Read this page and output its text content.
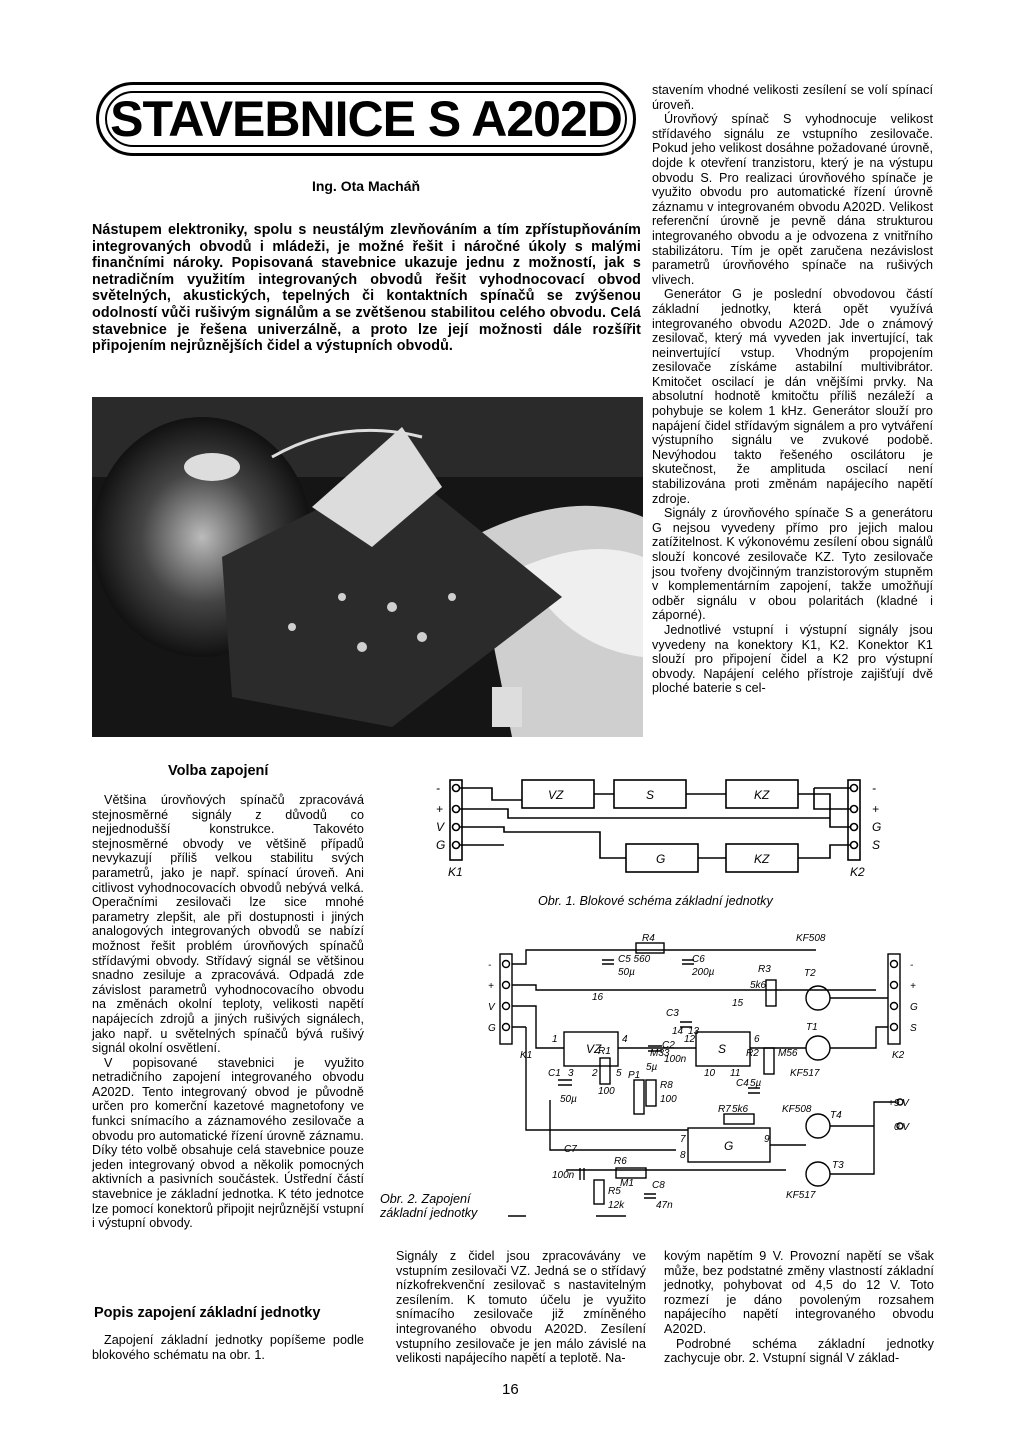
STAVEBNICE S A202D
Ing. Ota Macháň
Nástupem elektroniky, spolu s neustálým zlevňováním a tím zpřístupňováním integrovaných obvodů i mládeži, je možné řešit i náročné úkoly s malými finančními nároky. Popisovaná stavebnice ukazuje jednu z možností, jak s netradičním využitím integrovaných obvodů řešit vyhodnocovací obvod světelných, akustických, tepelných či kontaktních spínačů se zvýšenou odolností vůči rušivým signálům a se zvětšenou stabilitou celého obvodu. Celá stavebnice je řešena univerzálně, a proto lze její možnosti dále rozšířit připojením nejrůznějších čidel a výstupních obvodů.
Volba zapojení

Většina úrovňových spínačů zpracovává stejnosměrné signály z důvodů co nejjednodušší konstrukce. Takovéto stejnosměrné obvody ve většině případů nevykazují příliš velkou stabilitu svých parametrů, jako je např. spínací úroveň. Ani citlivost vyhodnocovacích obvodů nebývá velká. Operačními zesilovači lze sice mnohé parametry zlepšit, ale při dostupnosti i jiných analogových integrovaných obvodů se nabízí možnost řešit problém úrovňových spínačů střídavými obvody. Střídavý signál se většinou snadno zesiluje a zpracovává. Odpadá zde závislost parametrů vyhodnocovacího obvodu na změnách okolní teploty, velikosti napětí napájecích zdrojů a jiných rušivých signálech, jako např. u světelných spínačů bývá rušivý signál okolní osvětlení.

V popisované stavebnici je využito netradičního zapojení integrovaného obvodu A202D. Tento integrovaný obvod je původně určen pro komerční kazetové magnetofony ve funkci snímacího a záznamového zesilovače a obvodu pro automatické řízení úrovně záznamu. Díky této volbě obsahuje celá stavebnice pouze jeden integrovaný obvod a několik pomocných aktivních a pasivních součástek. Ústřední částí stavebnice je základní jednotka. K této jednotce lze pomocí konektorů připojit nejrůznější vstupní i výstupní obvody.

Popis zapojení základní jednotky

Zapojení základní jednotky popíšeme podle blokového schématu na obr. 1.

stavením vhodné velikosti zesílení se volí spínací úroveň.

Úrovňový spínač S vyhodnocuje velikost střídavého signálu ze vstupního zesilovače. Pokud jeho velikost dosáhne požadované úrovně, dojde k otevření tranzistoru, který je na výstupu obvodu S. Pro realizaci úrovňového spínače je využito obvodu pro automatické řízení úrovně záznamu v integrovaném obvodu A202D. Velikost referenční úrovně je pevně dána strukturou integrovaného obvodu a je odvozena z vnitřního stabilizátoru. Tím je opět zaručena nezávislost parametrů úrovňového spínače na rušivých vlivech.

Generátor G je poslední obvodovou částí základní jednotky, která opět využívá integrovaného obvodu A202D. Jde o známový zesilovač, který má vyveden jak invertující, tak neinvertující vstup. Vhodným propojením zesilovače získáme astabilní multivibrátor. Kmitočet oscilací je dán vnějšími prvky. Na absolutní hodnotě kmitočtu příliš nezáleží a pohybuje se kolem 1 kHz. Generátor slouží pro napájení čidel střídavým signálem a pro vytváření výstupního signálu ve zvukové podobě. Nevýhodou takto řešeného oscilátoru je skutečnost, že amplituda oscilací není stabilizována proti změnám napájecího napětí zdroje.

Signály z úrovňového spínače S a generátoru G nejsou vyvedeny přímo pro jejich malou zatížitelnost. K výkonovému zesílení obou signálů slouží koncové zesilovače KZ. Tyto zesilovače jsou tvořeny dvojčinným tranzistorovým stupněm v komplementárním zapojení, takže umožňují odběr signálu v obou polaritách (kladné i záporné).

Jednotlivé vstupní i výstupní signály jsou vyvedeny na konektory K1, K2. Konektor K1 slouží pro připojení čidel a K2 pro výstupní obvody. Napájení celého přístroje zajišťují dvě ploché baterie s cel-

-
+
V
G
K1
-
+
G
S
K2
VZ	S	KZ
G	KZ
Obr. 1. Blokové schéma základní jednotky
R4	KF508
C5 560
50µ
C6
200µ	R3
5k6
T2
C3
15
16
14 13
VZ	S
C2
100n
5µ
1	4	12	6
3 2 5	10 11
T1
C1
R1
100
M33
P1
R2 M56
C4 5µ
KF517
R8
100
50µ
R7 5k6	KF508
T4
+9 V
0 V
7
8
9
G
C7
100n
R6
M1
R5
12k
C8
47n
T3
KF517
K1	K2
-
+
V
G
-
+
G
S
Obr. 2. Zapojení základní jednotky

Signály z čidel jsou zpracovávány ve vstupním zesilovači VZ. Jedná se o střídavý nízkofrekvenční zesilovač s nastavitelným zesílením. K tomuto účelu je využito snímacího zesilovače již zmíněného integrovaného obvodu A202D. Zesílení vstupního zesilovače je jen málo závislé na velikosti napájecího napětí a teplotě. Na-

kovým napětím 9 V. Provozní napětí se však může, bez podstatné změny vlastností základní jednotky, pohybovat od 4,5 do 12 V. Toto rozmezí je dáno povoleným rozsahem napájecího napětí integrovaného obvodu A202D.

Podrobné schéma základní jednotky zachycuje obr. 2. Vstupní signál V základ-

16
